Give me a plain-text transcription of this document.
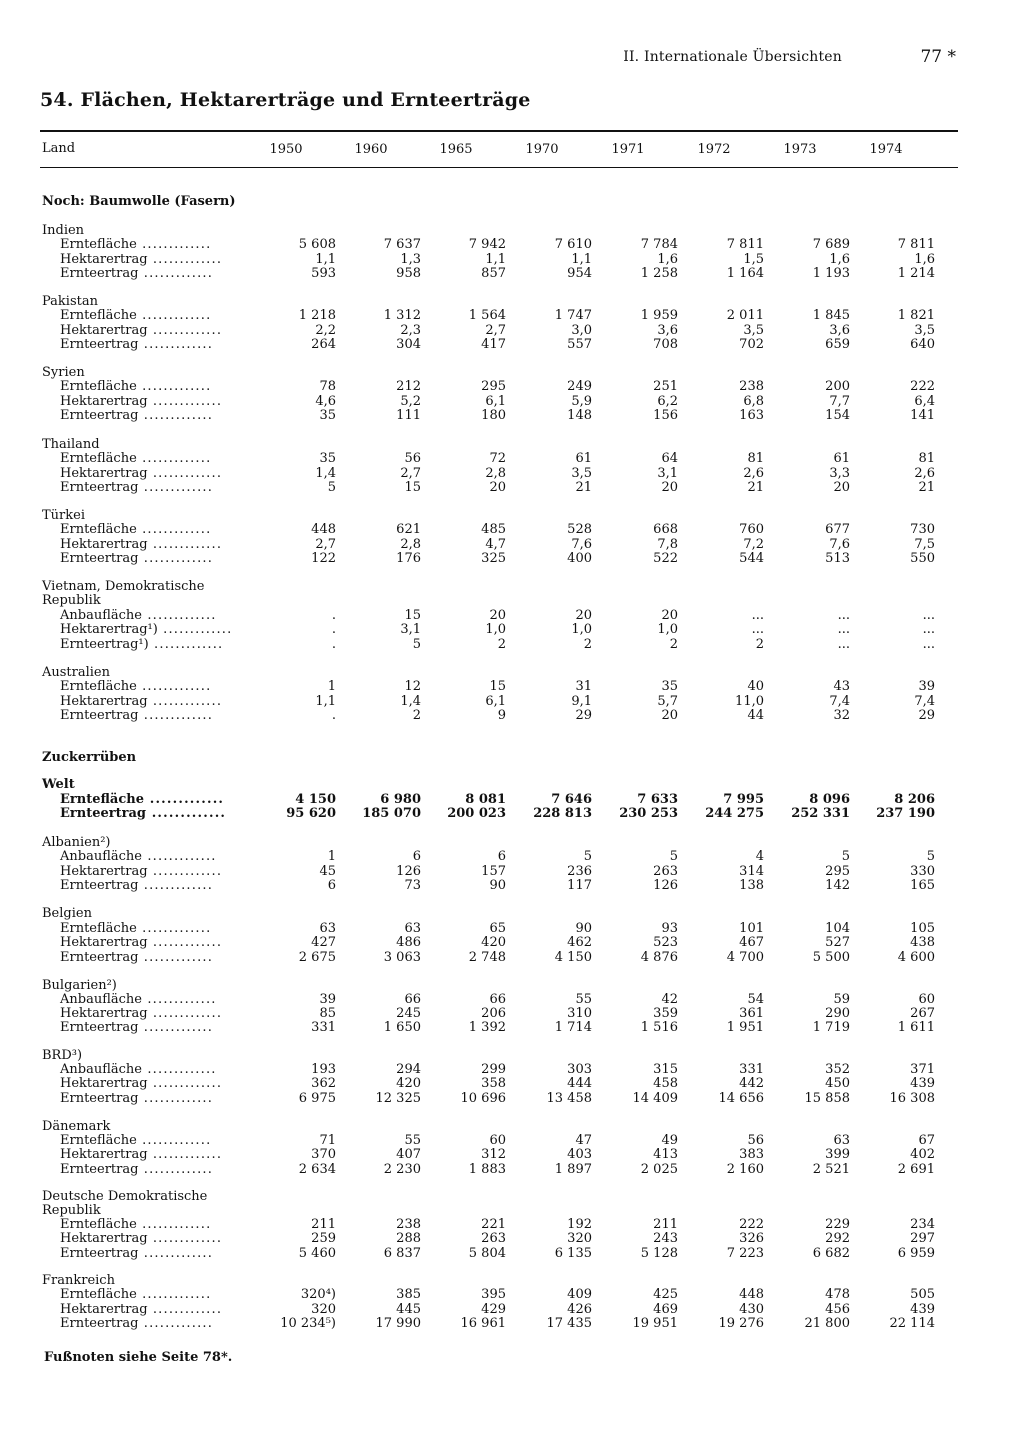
II. Internationale Übersichten	77 *
54. Flächen, Hektarerträge und Ernteerträge
Land	1950	1960	1965	1970	1971	1972	1973	1974
Noch: Baumwolle (Fasern)
Indien
Erntefläche .............	5 608	7 637	7 942	7 610	7 784	7 811	7 689	7 811
Hektarertrag .............	1,1	1,3	1,1	1,1	1,6	1,5	1,6	1,6
Ernteertrag .............	593	958	857	954	1 258	1 164	1 193	1 214
Pakistan
Erntefläche .............	1 218	1 312	1 564	1 747	1 959	2 011	1 845	1 821
Hektarertrag .............	2,2	2,3	2,7	3,0	3,6	3,5	3,6	3,5
Ernteertrag .............	264	304	417	557	708	702	659	640
Syrien
Erntefläche .............	78	212	295	249	251	238	200	222
Hektarertrag .............	4,6	5,2	6,1	5,9	6,2	6,8	7,7	6,4
Ernteertrag .............	35	111	180	148	156	163	154	141
Thailand
Erntefläche .............	35	56	72	61	64	81	61	81
Hektarertrag .............	1,4	2,7	2,8	3,5	3,1	2,6	3,3	2,6
Ernteertrag .............	5	15	20	21	20	21	20	21
Türkei
Erntefläche .............	448	621	485	528	668	760	677	730
Hektarertrag .............	2,7	2,8	4,7	7,6	7,8	7,2	7,6	7,5
Ernteertrag .............	122	176	325	400	522	544	513	550
Vietnam, Demokratische
Republik
Anbaufläche .............	.	15	20	20	20	...	...	...
Hektarertrag¹) .............	.	3,1	1,0	1,0	1,0	...	...	...
Ernteertrag¹) .............	.	5	2	2	2	2	...	...
Australien
Erntefläche .............	1	12	15	31	35	40	43	39
Hektarertrag .............	1,1	1,4	6,1	9,1	5,7	11,0	7,4	7,4
Ernteertrag .............	.	2	9	29	20	44	32	29
Zuckerrüben
Welt
Erntefläche .............	4 150	6 980	8 081	7 646	7 633	7 995	8 096	8 206
Ernteertrag .............	95 620	185 070	200 023	228 813	230 253	244 275	252 331	237 190
Albanien²)
Anbaufläche .............	1	6	6	5	5	4	5	5
Hektarertrag .............	45	126	157	236	263	314	295	330
Ernteertrag .............	6	73	90	117	126	138	142	165
Belgien
Erntefläche .............	63	63	65	90	93	101	104	105
Hektarertrag .............	427	486	420	462	523	467	527	438
Ernteertrag .............	2 675	3 063	2 748	4 150	4 876	4 700	5 500	4 600
Bulgarien²)
Anbaufläche .............	39	66	66	55	42	54	59	60
Hektarertrag .............	85	245	206	310	359	361	290	267
Ernteertrag .............	331	1 650	1 392	1 714	1 516	1 951	1 719	1 611
BRD³)
Anbaufläche .............	193	294	299	303	315	331	352	371
Hektarertrag .............	362	420	358	444	458	442	450	439
Ernteertrag .............	6 975	12 325	10 696	13 458	14 409	14 656	15 858	16 308
Dänemark
Erntefläche .............	71	55	60	47	49	56	63	67
Hektarertrag .............	370	407	312	403	413	383	399	402
Ernteertrag .............	2 634	2 230	1 883	1 897	2 025	2 160	2 521	2 691
Deutsche Demokratische
Republik
Erntefläche .............	211	238	221	192	211	222	229	234
Hektarertrag .............	259	288	263	320	243	326	292	297
Ernteertrag .............	5 460	6 837	5 804	6 135	5 128	7 223	6 682	6 959
Frankreich
Erntefläche .............	320⁴)	385	395	409	425	448	478	505
Hektarertrag .............	320	445	429	426	469	430	456	439
Ernteertrag .............	10 234⁵)	17 990	16 961	17 435	19 951	19 276	21 800	22 114
Fußnoten siehe Seite 78*.
